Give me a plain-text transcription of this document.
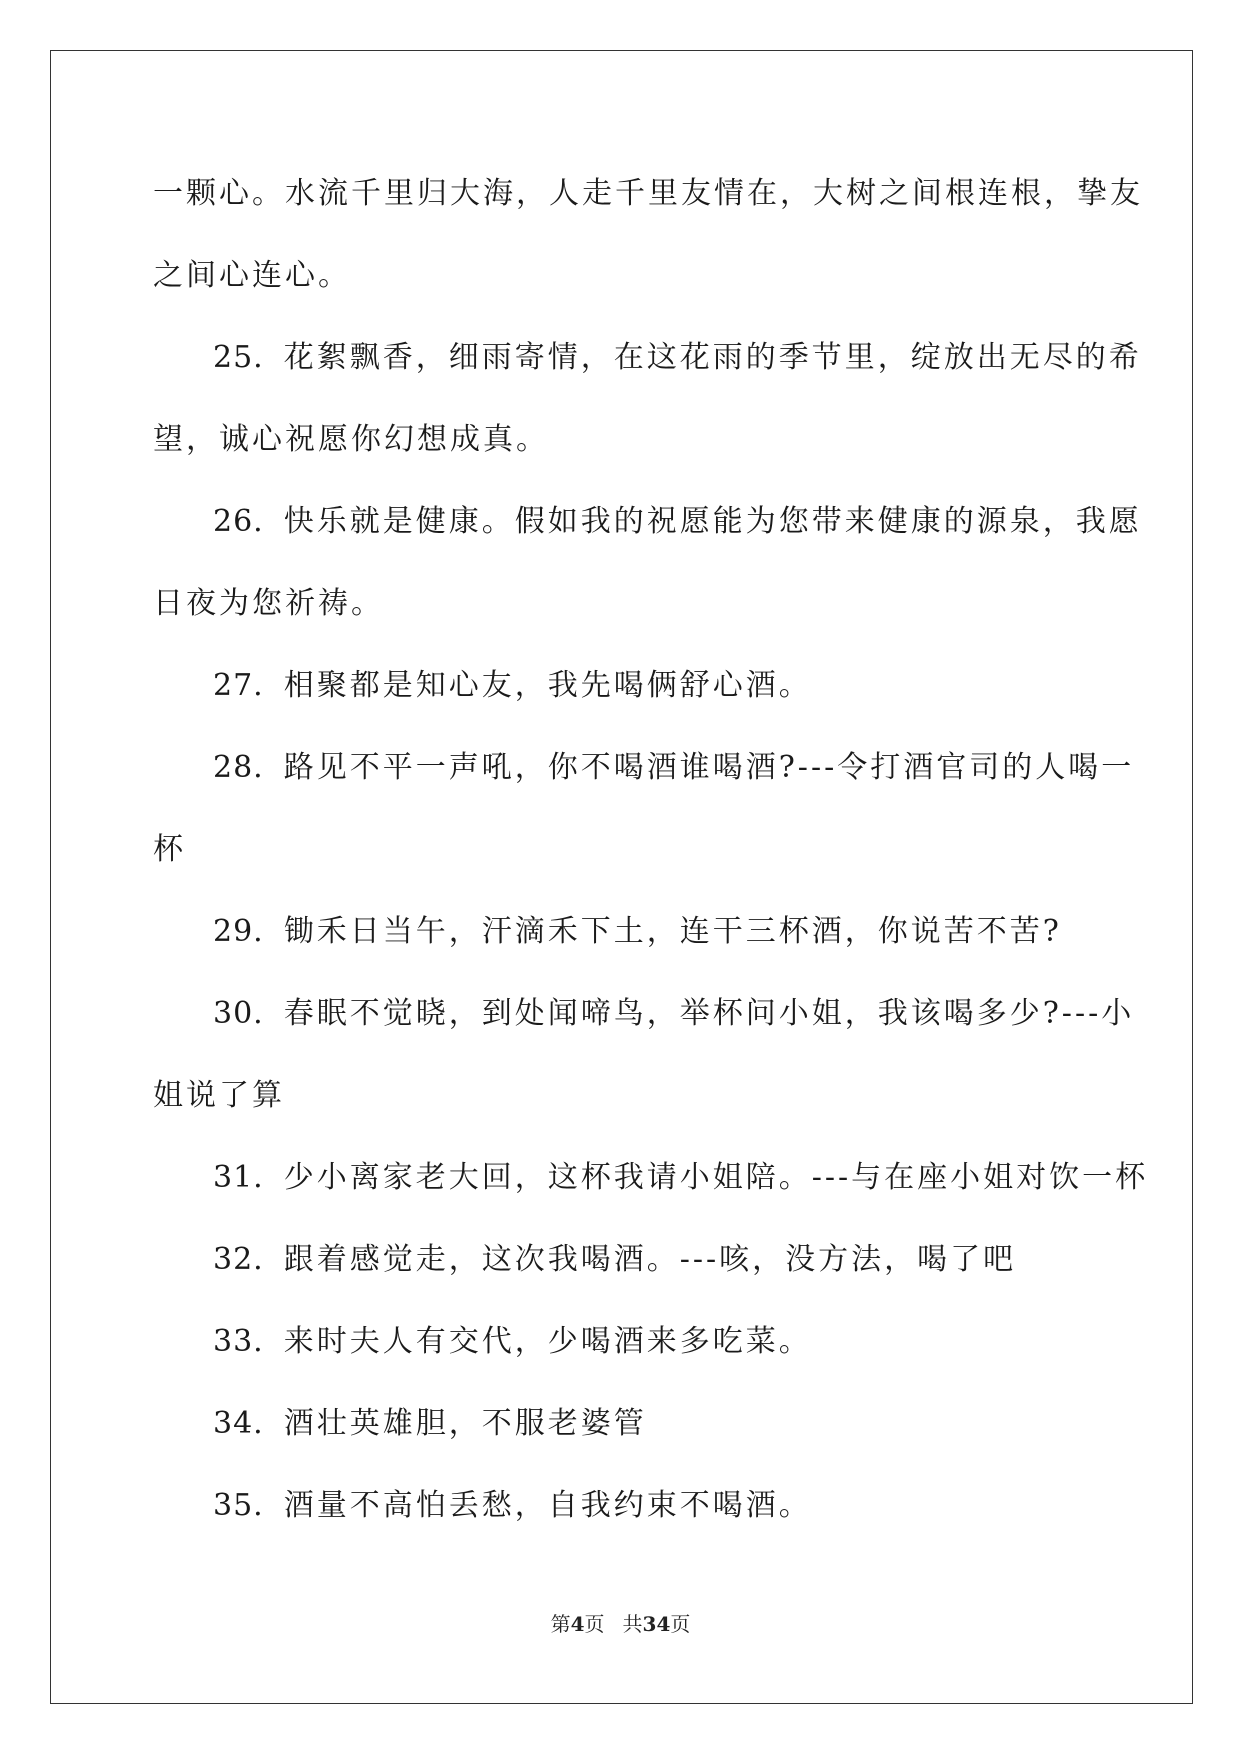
一颗心。水流千里归大海，人走千里友情在，大树之间根连根，挚友
之间心连心。
25. 花絮飘香，细雨寄情，在这花雨的季节里，绽放出无尽的希
望，诚心祝愿你幻想成真。
26. 快乐就是健康。假如我的祝愿能为您带来健康的源泉，我愿
日夜为您祈祷。
27. 相聚都是知心友，我先喝俩舒心酒。
28. 路见不平一声吼，你不喝酒谁喝酒?---令打酒官司的人喝一
杯
29. 锄禾日当午，汗滴禾下土，连干三杯酒，你说苦不苦?
30. 春眠不觉晓，到处闻啼鸟，举杯问小姐，我该喝多少?---小
姐说了算
31. 少小离家老大回，这杯我请小姐陪。---与在座小姐对饮一杯
32. 跟着感觉走，这次我喝酒。---咳，没方法，喝了吧
33. 来时夫人有交代，少喝酒来多吃菜。
34. 酒壮英雄胆，不服老婆管
35. 酒量不高怕丢愁，自我约束不喝酒。
第4页 共34页
